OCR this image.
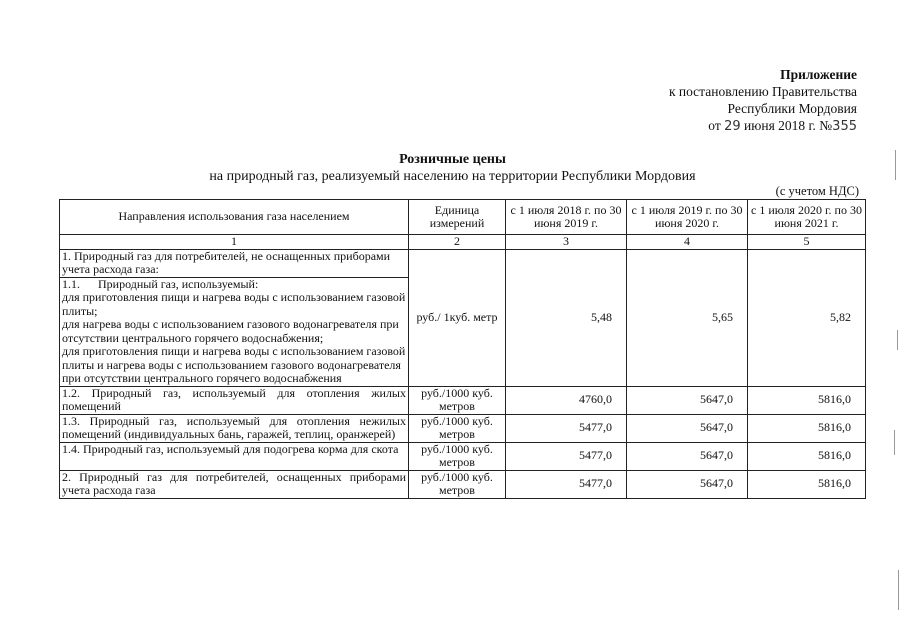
Приложение
к постановлению Правительства
Республики Мордовия
от 29 июня 2018 г. №355
Розничные цены
на природный газ, реализуемый населению на территории Республики Мордовия
(с учетом НДС)
Направления использования газа населением	Единица измерений	с 1 июля 2018 г. по 30 июня 2019 г.	с 1 июля 2019 г. по 30 июня 2020 г.	с 1 июля 2020 г. по 30 июня 2021 г.
1	2	3	4	5

1. Природный газ для потребителей, не оснащенных приборами учета расхода газа:
1.1.      Природный газ, используемый:
для приготовления пищи и нагрева воды с использованием газовой плиты;
для нагрева воды с использованием газового водонагревателя при отсутствии центрального горячего водоснабжения;
для приготовления пищи и нагрева воды с использованием газовой плиты и нагрева воды с использованием газового водонагревателя при отсутствии центрального горячего водоснабжения	руб./ 1куб. метр	5,48	5,65	5,82
1.2. Природный газ, используемый для отопления жилых помещений	руб./1000 куб. метров	4760,0	5647,0	5816,0
1.3. Природный газ, используемый для отопления нежилых помещений (индивидуальных бань, гаражей, теплиц, оранжерей)	руб./1000 куб. метров	5477,0	5647,0	5816,0
1.4. Природный газ, используемый для подогрева корма для скота	руб./1000 куб. метров	5477,0	5647,0	5816,0
2. Природный газ для потребителей, оснащенных приборами учета расхода газа	руб./1000 куб. метров	5477,0	5647,0	5816,0
